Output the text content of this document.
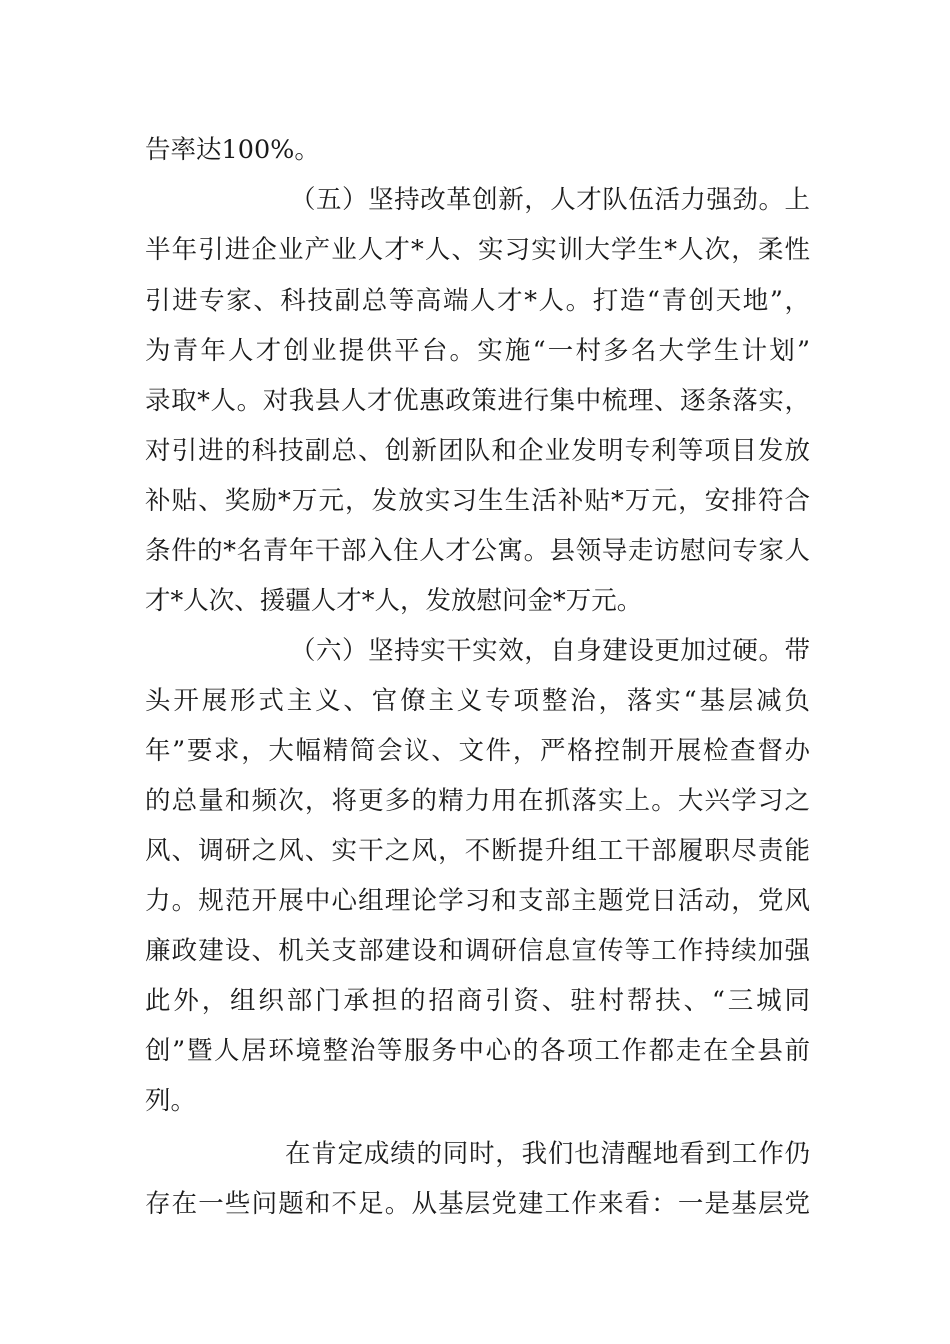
告率达100%。
（五）坚持改革创新，人才队伍活力强劲。上
半年引进企业产业人才*人、实习实训大学生*人次，柔性
引进专家、科技副总等高端人才*人。打造“青创天地”，
为青年人才创业提供平台。实施“一村多名大学生计划”
录取*人。对我县人才优惠政策进行集中梳理、逐条落实，
对引进的科技副总、创新团队和企业发明专利等项目发放
补贴、奖励*万元，发放实习生生活补贴*万元，安排符合
条件的*名青年干部入住人才公寓。县领导走访慰问专家人
才*人次、援疆人才*人，发放慰问金*万元。
（六）坚持实干实效，自身建设更加过硬。带
头开展形式主义、官僚主义专项整治，落实“基层减负
年”要求，大幅精简会议、文件，严格控制开展检查督办
的总量和频次，将更多的精力用在抓落实上。大兴学习之
风、调研之风、实干之风，不断提升组工干部履职尽责能
力。规范开展中心组理论学习和支部主题党日活动，党风
廉政建设、机关支部建设和调研信息宣传等工作持续加强
此外，组织部门承担的招商引资、驻村帮扶、“三城同
创”暨人居环境整治等服务中心的各项工作都走在全县前
列。
在肯定成绩的同时，我们也清醒地看到工作仍
存在一些问题和不足。从基层党建工作来看：一是基层党
